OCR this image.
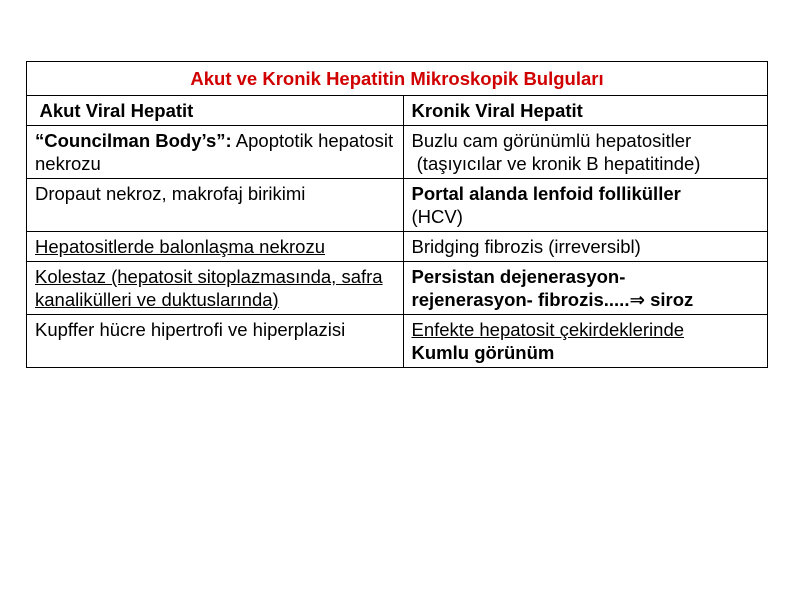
Akut ve Kronik Hepatitin Mikroskopik Bulguları	
Akut Viral Hepatit	Kronik Viral Hepatit
“Councilman Body’s”: Apoptotik hepatosit nekrozu	Buzlu cam görünümlü hepatositler
(taşıyıcılar ve kronik B hepatitinde)
Dropaut nekroz, makrofaj birikimi	Portal alanda lenfoid folliküller
(HCV)
Hepatositlerde balonlaşma nekrozu	Bridging fibrozis (irreversibl)
Kolestaz (hepatosit sitoplazmasında, safra kanalikülleri ve duktuslarında)	Persistan dejenerasyon-
rejenerasyon- fibrozis.....⇒ siroz
Kupffer hücre hipertrofi ve hiperplazisi	Enfekte hepatosit çekirdeklerinde
Kumlu görünüm
